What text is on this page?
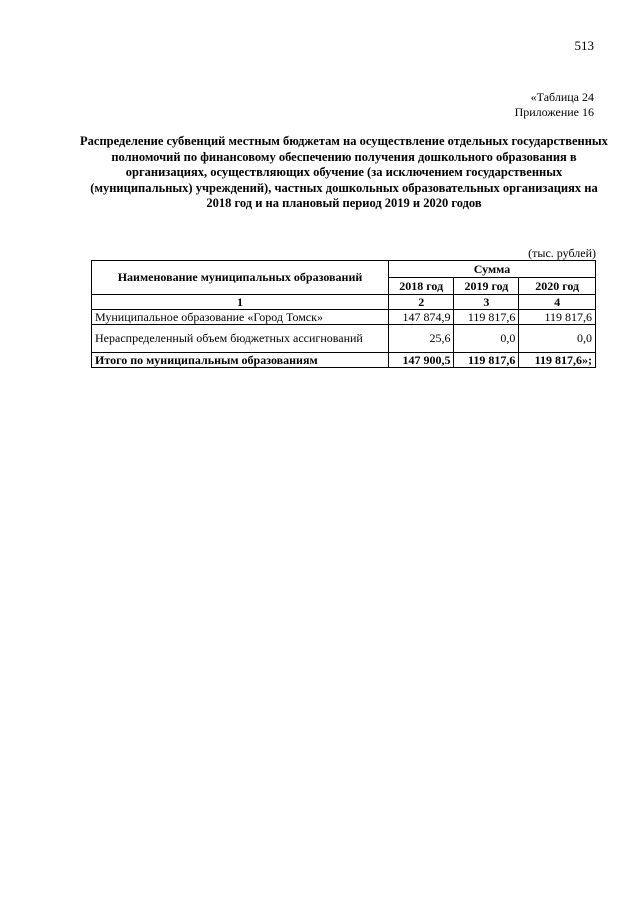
513
«Таблица 24
Приложение 16
Распределение субвенций местным бюджетам на осуществление отдельных государственных полномочий по финансовому обеспечению получения дошкольного образования в организациях, осуществляющих обучение (за исключением государственных (муниципальных) учреждений), частных дошкольных образовательных организациях на 2018 год и на плановый период 2019 и 2020 годов
(тыс. рублей)
Наименование муниципальных образований	Сумма		
	2018 год	2019 год	2020 год
1	2	3	4
Муниципальное образование «Город Томск»	147 874,9	119 817,6	119 817,6
Нераспределенный объем бюджетных ассигнований	25,6	0,0	0,0
Итого по муниципальным образованиям	147 900,5	119 817,6	119 817,6»;
